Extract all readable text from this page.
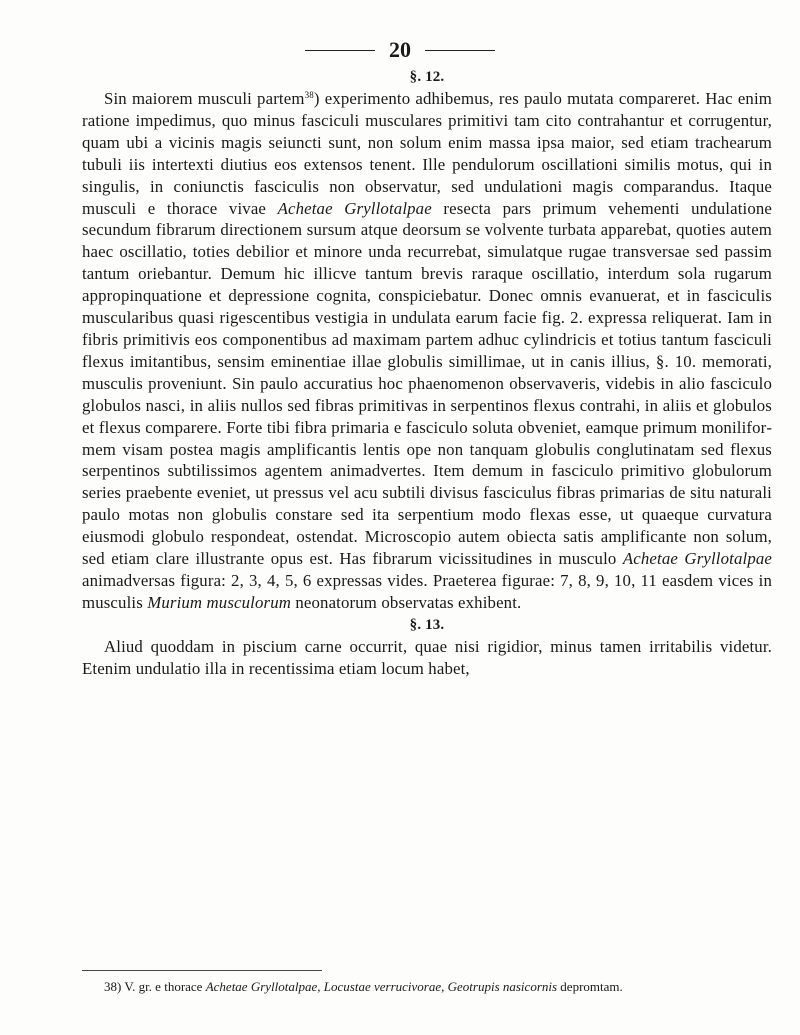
20
§. 12.

Sin maiorem musculi partem$^{38}$) experimento adhibemus, res paulo mutata compareret. Hac enim ratione impedimus, quo minus fasciculi musculares primitivi tam cito contrahantur et corrugentur, quam ubi a vicinis magis seiuncti sunt, non solum enim massa ipsa maior, sed etiam trachearum tubuli iis intertexti diutius eos extensos tenent. Ille pendulorum oscillationi similis motus, qui in singulis, in coniunctis fasciculis non observatur, sed undulationi magis comparandus. Itaque musculi e thorace vivae Achetae Gryllotalpae resecta pars primum vehementi undulatione secundum fibrarum directionem sursum atque deorsum se volvente turbata apparebat, quoties autem haec oscillatio, toties debilior et minore unda recurrebat, simulatque rugae transversae sed passim tantum oriebantur. Demum hic illicve tantum brevis raraque oscillatio, interdum sola rugarum appropinquatione et depressione cognita, conspiciebatur. Donec omnis evanuerat, et in fasciculis muscularibus quasi rigescentibus vestigia in undulata earum facie fig. 2. expressa reliquerat. Iam in fibris primitivis eos componentibus ad maximam partem adhuc cylindricis et totius tantum fasciculi flexus imitantibus, sensim eminentiae illae globulis simillimae, ut in canis illius, §. 10. memorati, musculis proveniunt. Sin paulo accuratius hoc phaenomenon observaveris, videbis in alio fasciculo globulos nasci, in aliis nullos sed fibras primitivas in serpentinos flexus contrahi, in aliis et globulos et flexus comparere. Forte tibi fibra primaria e fasciculo soluta obveniet, eamque primum moniliformem visam postea magis amplificantis lentis ope non tanquam globulis conglutinatam sed flexus serpentinos subtilissimos agentem animadvertes. Item demum in fasciculo primitivo globulorum series praebente eveniet, ut pressus vel acu subtili divisus fasciculus fibras primarias de situ naturali paulo motas non globulis constare sed ita serpentium modo flexas esse, ut quaeque curvatura eiusmodi globulo respondeat, ostendat. Microscopio autem obiecta satis amplificante non solum, sed etiam clare illustrante opus est. Has fibrarum vicissitudines in musculo Achetae Gryllotalpae animadversas figura: 2, 3, 4, 5, 6 expressas vides. Praeterea figurae: 7, 8, 9, 10, 11 easdem vices in musculis Murium musculorum neonatorum observatas exhibent.

§. 13.

Aliud quoddam in piscium carne occurrit, quae nisi rigidior, minus tamen irritabilis videtur. Etenim undulatio illa in recentissima etiam locum habet,

38) V. gr. e thorace Achetae Gryllotalpae, Locustae verrucivorae, Geotrupis nasicornis depromtam.
